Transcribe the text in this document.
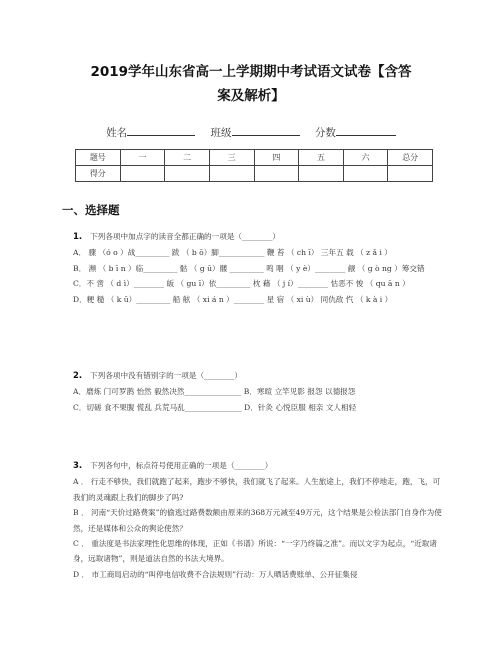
2019学年山东省高一上学期期中考试语文试卷【含答
案及解析】
姓名	班级	分数
题号	一	二	三	四	五	六	总分
得分							
一、选择题
1. 下列各项中加点字的读音全都正确的一项是（________）

A． 骤 （ó o ）战_________ 跋 （ b ō）脚____________ 鞭 苔 （ ch ī） 三年五 载 （ z ǎ i ）

B． 濒 （ b ī n ）临_________ 骷 （ g ū）髅 _________ 鸣 咽 （ y è）________ 觎 （ g ò ng ）筹交错

C．不 啻 （ d ì）________ 皈 （ gu ī）依_________ 枕 藉 （ j í）________ 怙恶不 悛 （ qu ā n ）

D．粳 糙 （ k ū）_________ 船 舷 （ xi á n ）________ 星 宿 （ xi ù） 同仇敌 忾 （ k à i ）

2. 下列各项中没有错别字的一项是（________）

A．磨炼 门可罗鹊 怡然 毅然决然_______________ B．寒暄 立竿见影 报怨 以德报怨

C．切磋 食不果腹 慌乱 兵荒马乱_______________ D．针灸 心悦臣服 相亲 文人相轻

3. 下列各句中，标点符号使用正确的一项是（________）

A ． 行走不够快，我们就跑了起来，跑步不够快，我们就飞了起来。人生旅途上，我们不停地走，跑，飞，可我们的灵魂跟上我们的脚步了吗?

B ． 河南“天价过路费案”的偷逃过路费数额由原来的368万元减至49万元，这个结果是公检法部门自身作为使然，还是媒体和公众的舆论使然？

C ． 重法度是书法家理性化思维的体现，正如《书谱》所说：“一字乃终篇之准”。而以文字为起点，“近取诸身，远取诸物”，则是道法自然的书法大境界。

D ． 市工商局启动的“叫停电信收费不合法规则”行动：万人晒话费账单、公开征集侵
